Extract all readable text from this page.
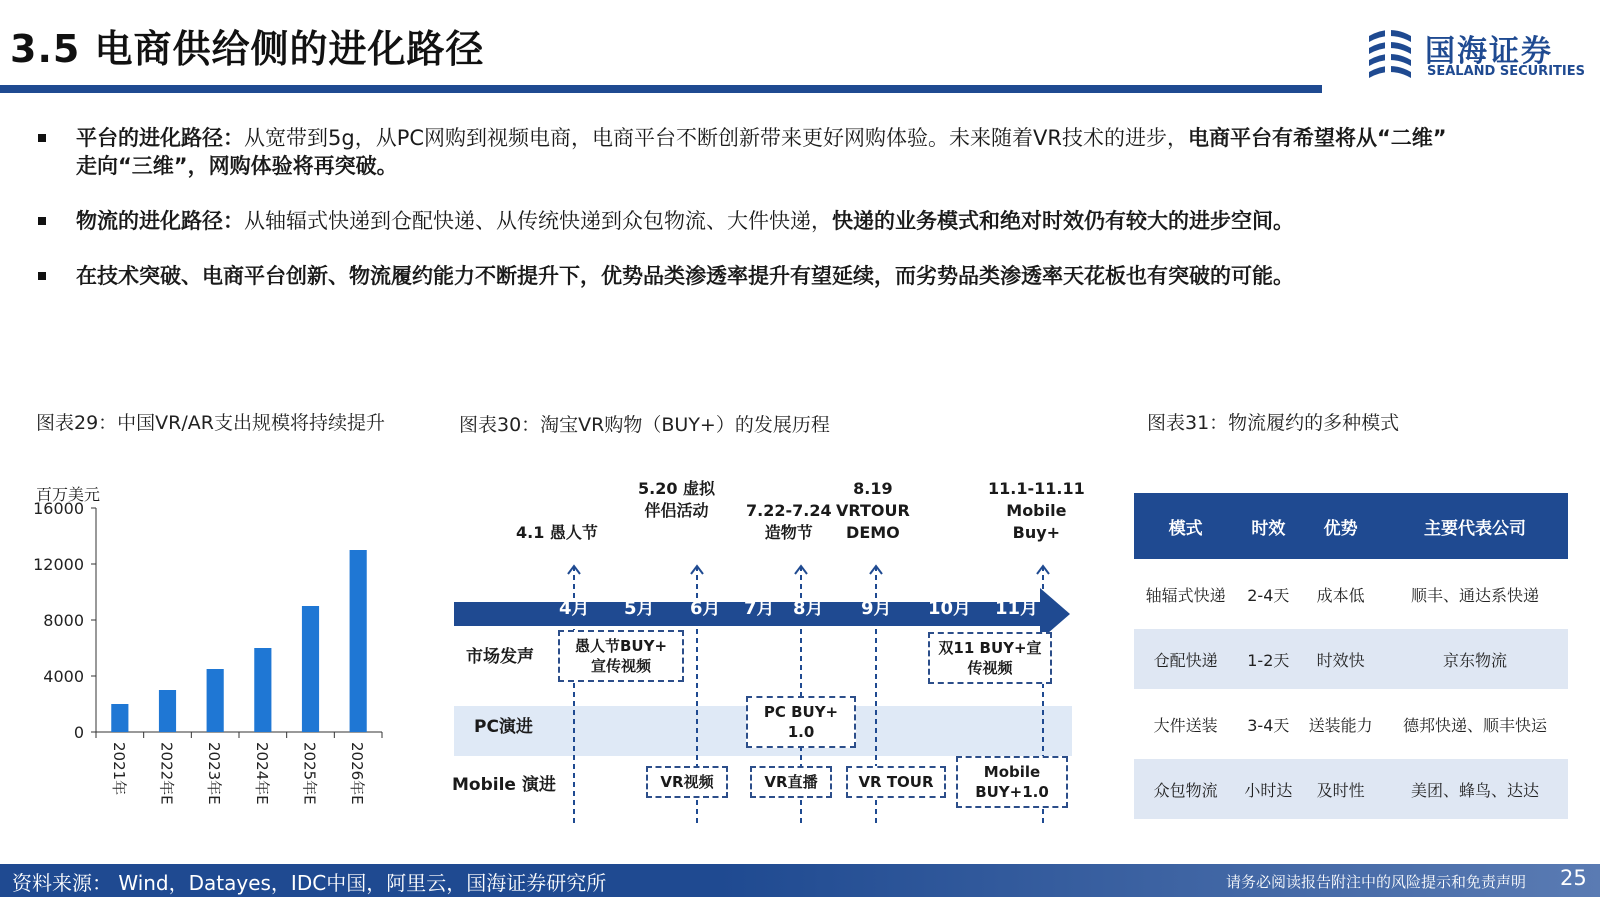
3.5 电商供给侧的进化路径	国海证券
SEALAND SECURITIES
平台的进化路径：从宽带到5g，从PC网购到视频电商，电商平台不断创新带来更好网购体验。未来随着VR技术的进步，电商平台有希望将从“二维” 走向“三维”，网购体验将再突破。
物流的进化路径：从轴辐式快递到仓配快递、从传统快递到众包物流、大件快递，快递的业务模式和绝对时效仍有较大的进步空间。
在技术突破、电商平台创新、物流履约能力不断提升下，优势品类渗透率提升有望延续，而劣势品类渗透率天花板也有突破的可能。
图表29：中国VR/AR支出规模将持续提升	图表30：淘宝VR购物（BUY+）的发展历程	图表31：物流履约的多种模式
0
4000
8000
12000
16000
2021年 2022年E 2023年E 2024年E 2025年E 2026年E
百万美元
4.1 愚人节
5.20 虚拟
伴侣活动	7.22-7.24
造物节
8.19
VRTOUR
DEMO
11.1-11.11
Mobile
Buy+
4月 5月 6月 7月 8月 9月 10月 11月
市场发声
PC演进
Mobile 演进
愚人节BUY+
宣传视频
双11 BUY+宣
传视频
PC BUY+
1.0
VR视频	VR直播	VR TOUR
Mobile
BUY+1.0
模式	时效	优势	主要代表公司
轴辐式快递	2-4天	成本低	顺丰、通达系快递
仓配快递	1-2天	时效快	京东物流
大件送装	3-4天	送装能力	德邦快递、顺丰快运
众包物流	小时达	及时性	美团、蜂鸟、达达
资料来源： Wind，Datayes，IDC中国，阿里云，国海证券研究所	请务必阅读报告附注中的风险提示和免责声明 25
